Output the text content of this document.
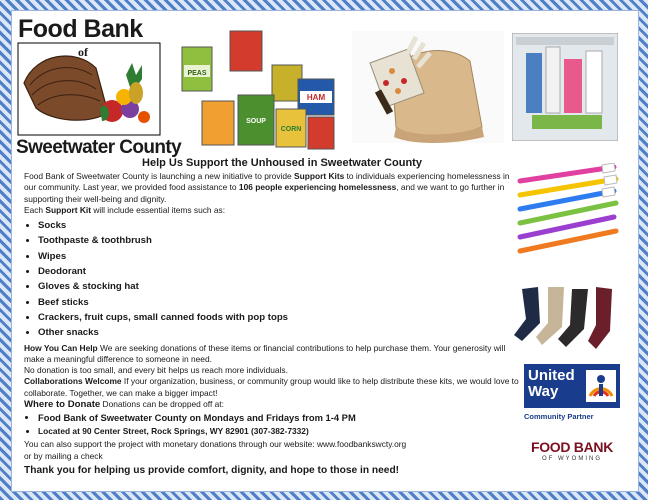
Food Bank
of
Sweetwater County
PEAS
HAM
SOUP
CORN
Help Us Support the Unhoused in Sweetwater County

Food Bank of Sweetwater County is launching a new initiative to provide Support Kits to individuals experiencing homelessness in our community. Last year, we provided food assistance to 106 people experiencing homelessness, and we want to go further in supporting their well-being and dignity.

Each Support Kit will include essential items such as:

• Socks
• Toothpaste & toothbrush
• Wipes
• Deodorant
• Gloves & stocking hat
• Beef sticks
• Crackers, fruit cups, small canned foods with pop tops
• Other snacks

How You Can Help We are seeking donations of these items or financial contributions to help purchase them. Your generosity will make a meaningful difference to someone in need.

No donation is too small, and every bit helps us reach more individuals.

Collaborations Welcome If your organization, business, or community group would like to help distribute these kits, we would love to collaborate. Together, we can make a bigger impact!

Where to Donate Donations can be dropped off at:

• Food Bank of Sweetwater County on Mondays and Fridays from 1-4 PM
• Located at 90 Center Street, Rock Springs, WY 82901 (307-382-7332)

You can also support the project with monetary donations through our website: www.foodbankswcty.org

or by mailing a check

Thank you for helping us provide comfort, dignity, and hope to those in need!

United
Way
Community Partner
FOOD BANK
OF WYOMING
